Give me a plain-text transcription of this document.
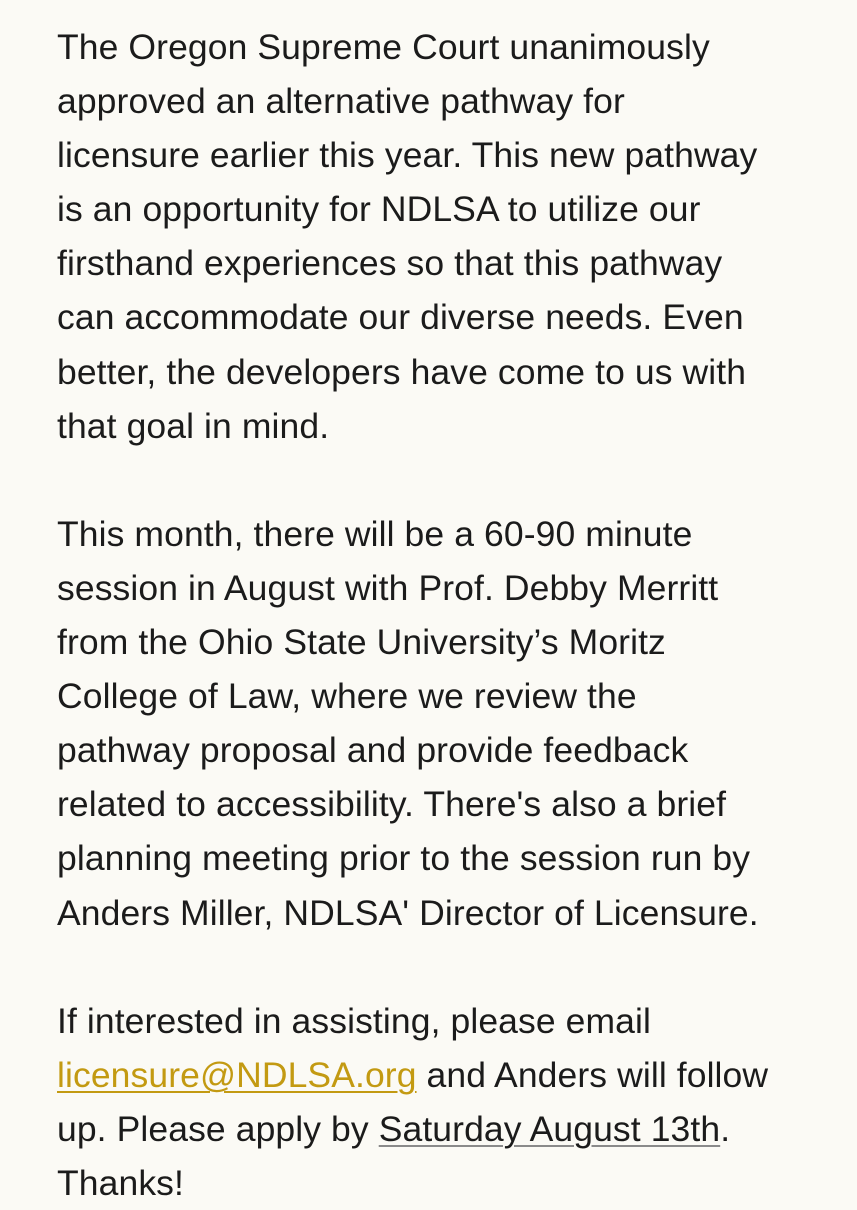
The Oregon Supreme Court unanimously
approved an alternative pathway for
licensure earlier this year. This new pathway
is an opportunity for NDLSA to utilize our
firsthand experiences so that this pathway
can accommodate our diverse needs. Even
better, the developers have come to us with
that goal in mind.
This month, there will be a 60-90 minute
session in August with Prof. Debby Merritt
from the Ohio State University’s Moritz
College of Law, where we review the
pathway proposal and provide feedback
related to accessibility. There's also a brief
planning meeting prior to the session run by
Anders Miller, NDLSA' Director of Licensure.
If interested in assisting, please email
licensure@NDLSA.org and Anders will follow
up. Please apply by Saturday August 13th.
Thanks!
